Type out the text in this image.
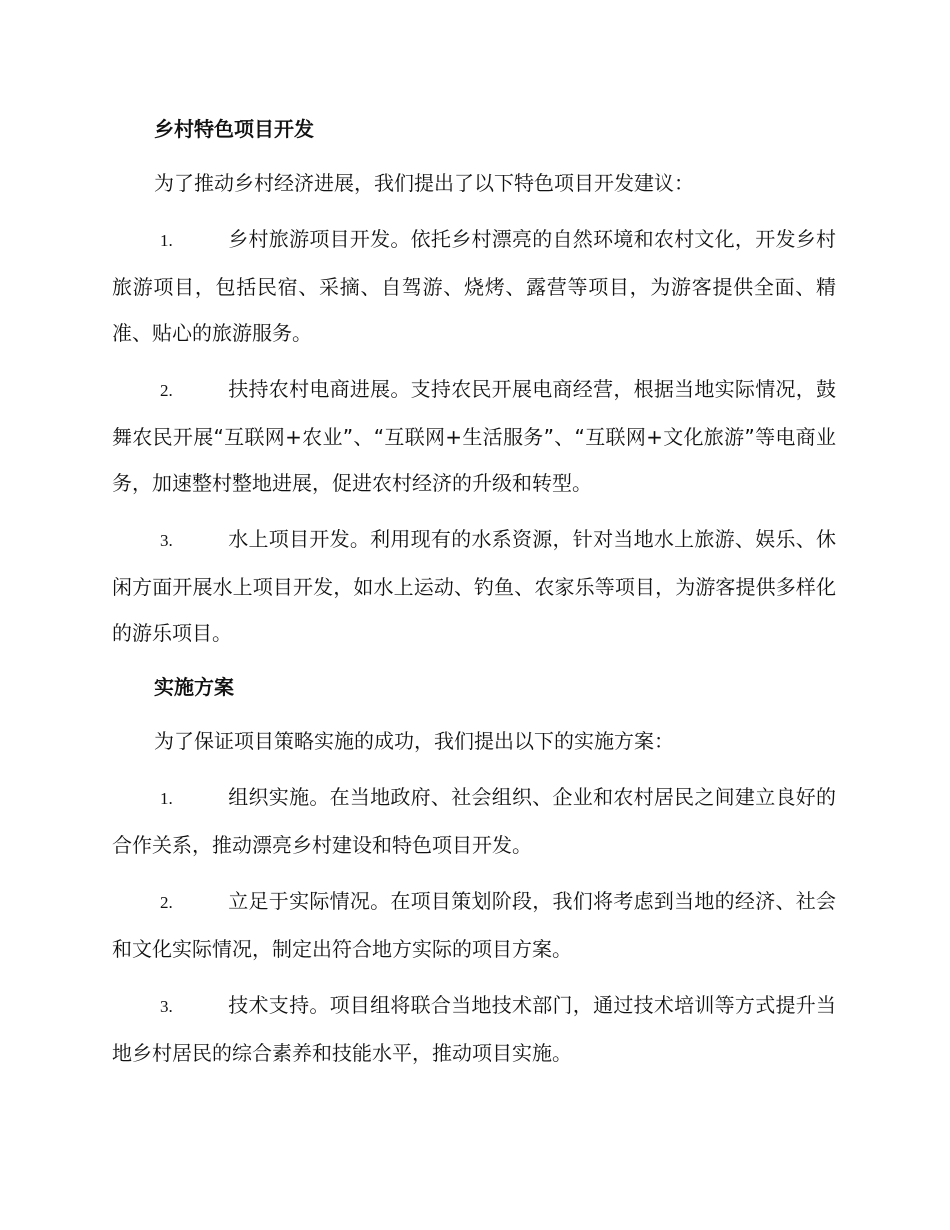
乡村特色项目开发
为了推动乡村经济进展，我们提出了以下特色项目开发建议：
1.	乡村旅游项目开发。依托乡村漂亮的自然环境和农村文化，开发乡村旅游项目，包括民宿、采摘、自驾游、烧烤、露营等项目，为游客提供全面、精准、贴心的旅游服务。
2.	扶持农村电商进展。支持农民开展电商经营，根据当地实际情况，鼓舞农民开展“互联网+农业”、“互联网+生活服务”、“互联网+文化旅游”等电商业务，加速整村整地进展，促进农村经济的升级和转型。
3.	水上项目开发。利用现有的水系资源，针对当地水上旅游、娱乐、休闲方面开展水上项目开发，如水上运动、钓鱼、农家乐等项目，为游客提供多样化的游乐项目。
实施方案
为了保证项目策略实施的成功，我们提出以下的实施方案：
1.	组织实施。在当地政府、社会组织、企业和农村居民之间建立良好的合作关系，推动漂亮乡村建设和特色项目开发。
2.	立足于实际情况。在项目策划阶段，我们将考虑到当地的经济、社会和文化实际情况，制定出符合地方实际的项目方案。
3.	技术支持。项目组将联合当地技术部门，通过技术培训等方式提升当地乡村居民的综合素养和技能水平，推动项目实施。
